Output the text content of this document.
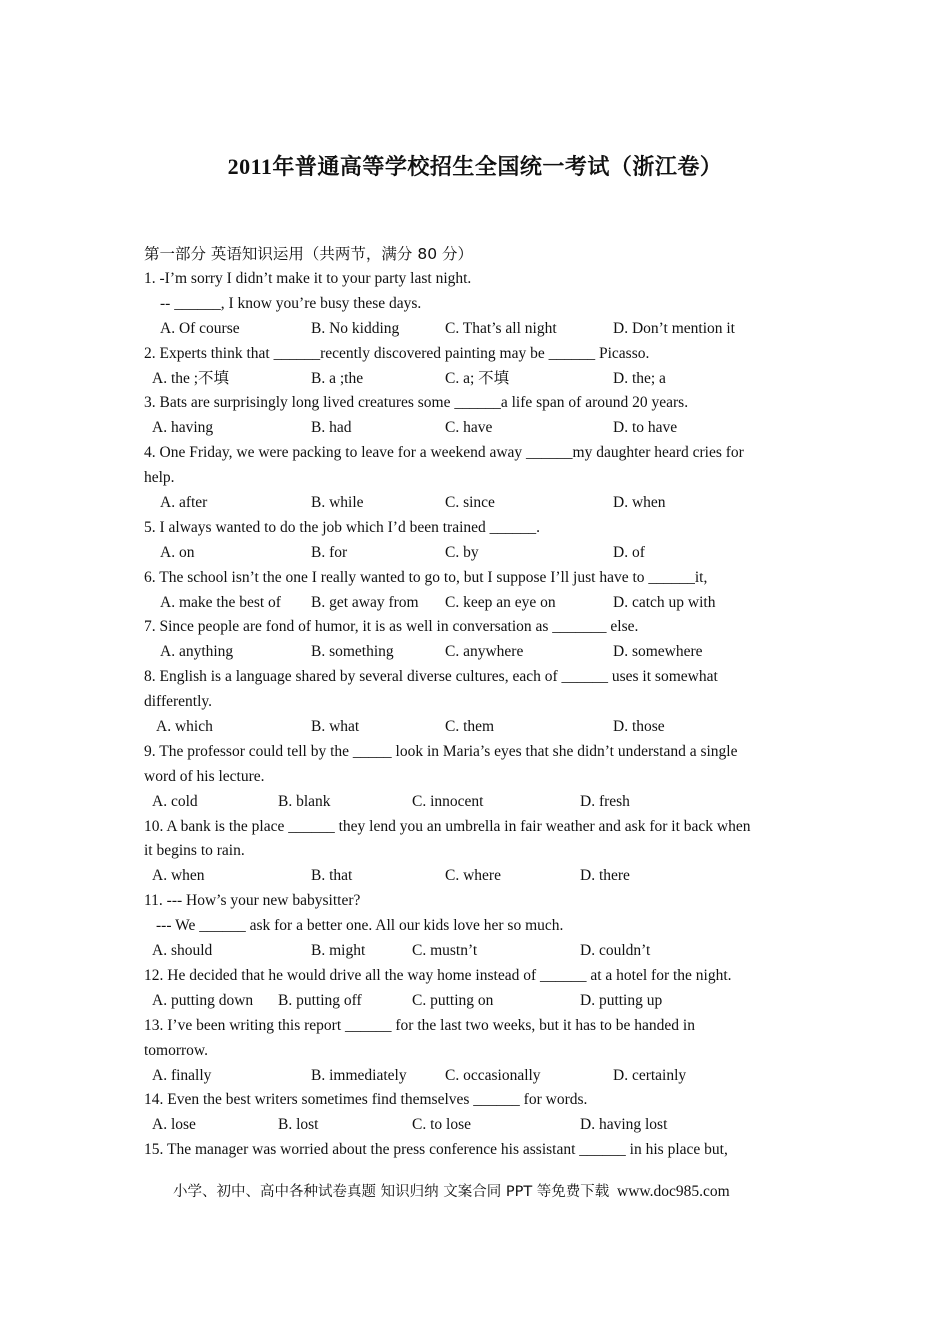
2011年普通高等学校招生全国统一考试（浙江卷）
第一部分 英语知识运用（共两节，满分 80 分）
1. -I’m sorry I didn’t make it to your party last night.
-- ______, I know you’re busy these days.
A. Of course	B. No kidding	C. That’s all night	D. Don’t mention it
2. Experts think that ______recently discovered painting may be ______ Picasso.
A. the ;不填	B. a ;the	C. a; 不填	D. the; a
3. Bats are surprisingly long lived creatures some ______a life span of around 20 years.
A. having	B. had	C. have	D. to have
4. One Friday, we were packing to leave for a weekend away ______my daughter heard cries for
help.
A. after	B. while	C. since	D. when
5. I always wanted to do the job which I’d been trained ______.
A. on	B. for	C. by	D. of
6. The school isn’t the one I really wanted to go to, but I suppose I’ll just have to ______it,
A. make the best of B. get away from C. keep an eye on	D. catch up with
7. Since people are fond of humor, it is as well in conversation as _______ else.
A. anything	B. something	C. anywhere	D. somewhere
8. English is a language shared by several diverse cultures, each of ______ uses it somewhat
differently.
A. which	B. what	C. them	D. those
9. The professor could tell by the _____ look in Maria’s eyes that she didn’t understand a single
word of his lecture.
A. cold	B. blank	C. innocent	D. fresh
10. A bank is the place ______ they lend you an umbrella in fair weather and ask for it back when
it begins to rain.
A. when	B. that	C. where	D. there
11. --- How’s your new babysitter?
--- We ______ ask for a better one. All our kids love her so much.
A. should	B. might	C. mustn’t	D. couldn’t
12. He decided that he would drive all the way home instead of ______ at a hotel for the night.
A. putting down B. putting off	C. putting on	D. putting up
13. I’ve been writing this report ______ for the last two weeks, but it has to be handed in
tomorrow.
A. finally	B. immediately C. occasionally	D. certainly
14. Even the best writers sometimes find themselves ______ for words.
A. lose	B. lost	C. to lose	D. having lost
15. The manager was worried about the press conference his assistant ______ in his place but,
小学、初中、高中各种试卷真题 知识归纳 文案合同 PPT 等免费下载 www.doc985.com
